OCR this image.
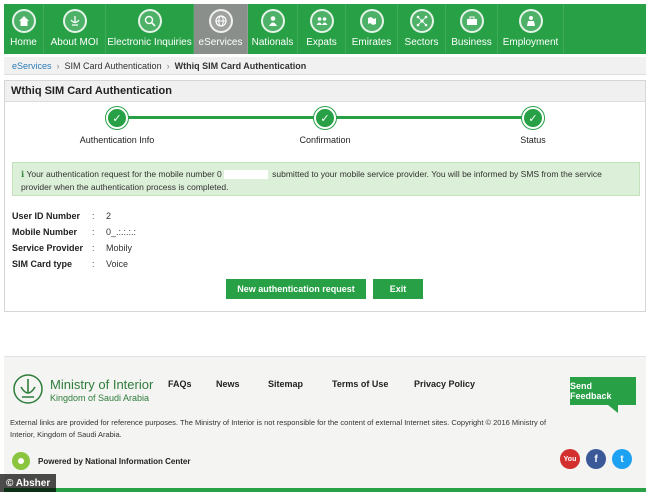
Home About MOI Electronic Inquiries eServices Nationals Expats Emirates Sectors Business Employment
eServices › SIM Card Authentication › Wthiq SIM Card Authentication
Wthiq SIM Card Authentication
✓
Authentication Info
✓
Confirmation
✓
Status
ℹ Your authentication request for the mobile number 0	submitted to your mobile service provider. You will be informed by SMS from the service provider when the authentication process is completed.
User ID Number	:	2
Mobile Number	:	0_.:.:.:.:
Service Provider :	Mobily
SIM Card type	:	Voice
New authentication request	Exit
Ministry of Interior
Kingdom of Saudi Arabia
FAQs	News	Sitemap	Terms of Use	Privacy Policy	Send Feedback
External links are provided for reference purposes. The Ministry of Interior is not responsible for the content of external Internet sites. Copyright © 2016 Ministry of Interior, Kingdom of Saudi Arabia.
Powered by National Information Center	You	f	t
© Absher
